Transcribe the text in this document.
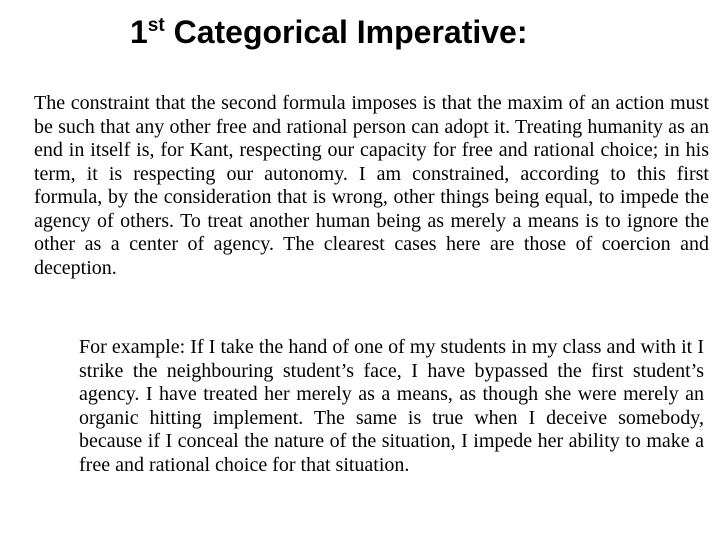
1st Categorical Imperative:

The constraint that the second formula imposes is that the maxim of an action must be such that any other free and rational person can adopt it. Treating humanity as an end in itself is, for Kant, respecting our capacity for free and rational choice; in his term, it is respecting our autonomy. I am constrained, according to this first formula, by the consideration that is wrong, other things being equal, to impede the agency of others. To treat another human being as merely a means is to ignore the other as a center of agency. The clearest cases here are those of coercion and deception.

For example: If I take the hand of one of my students in my class and with it I strike the neighbouring student’s face, I have bypassed the first student’s agency. I have treated her merely as a means, as though she were merely an organic hitting implement. The same is true when I deceive somebody, because if I conceal the nature of the situation, I impede her ability to make a free and rational choice for that situation.
